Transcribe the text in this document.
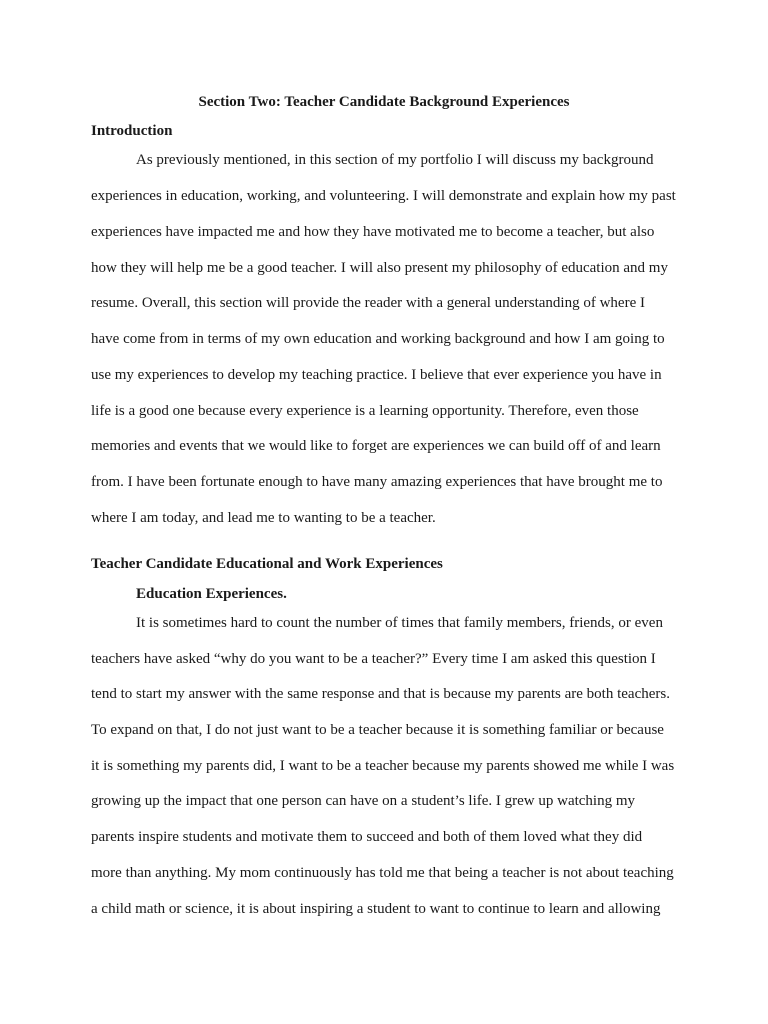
Section Two: Teacher Candidate Background Experiences
Introduction
As previously mentioned, in this section of my portfolio I will discuss my background
experiences in education, working, and volunteering. I will demonstrate and explain how my past
experiences have impacted me and how they have motivated me to become a teacher, but also
how they will help me be a good teacher. I will also present my philosophy of education and my
resume. Overall, this section will provide the reader with a general understanding of where I
have come from in terms of my own education and working background and how I am going to
use my experiences to develop my teaching practice. I believe that ever experience you have in
life is a good one because every experience is a learning opportunity. Therefore, even those
memories and events that we would like to forget are experiences we can build off of and learn
from. I have been fortunate enough to have many amazing experiences that have brought me to
where I am today, and lead me to wanting to be a teacher.
Teacher Candidate Educational and Work Experiences
Education Experiences.
It is sometimes hard to count the number of times that family members, friends, or even
teachers have asked “why do you want to be a teacher?” Every time I am asked this question I
tend to start my answer with the same response and that is because my parents are both teachers.
To expand on that, I do not just want to be a teacher because it is something familiar or because
it is something my parents did, I want to be a teacher because my parents showed me while I was
growing up the impact that one person can have on a student’s life. I grew up watching my
parents inspire students and motivate them to succeed and both of them loved what they did
more than anything. My mom continuously has told me that being a teacher is not about teaching
a child math or science, it is about inspiring a student to want to continue to learn and allowing
